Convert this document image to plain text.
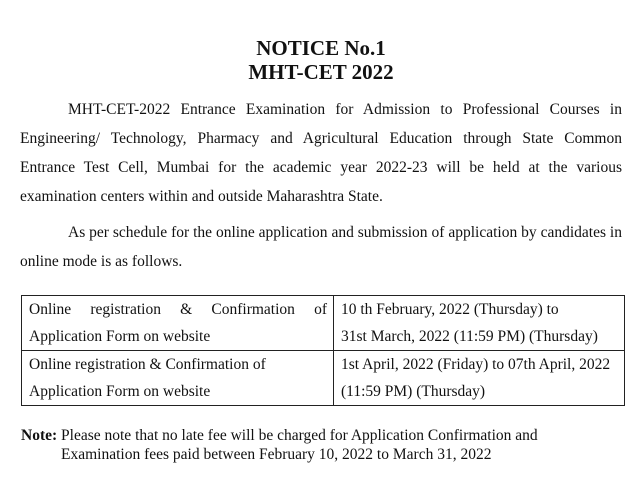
NOTICE No.1
MHT-CET 2022
MHT-CET-2022 Entrance Examination for Admission to Professional Courses in Engineering/ Technology, Pharmacy and Agricultural Education through State Common Entrance Test Cell, Mumbai for the academic year 2022-23 will be held at the various examination centers within and outside Maharashtra State.
As per schedule for the online application and submission of application by candidates in online mode is as follows.
Online registration & Confirmation of
Application Form on website	10 th February, 2022 (Thursday) to
31st March, 2022 (11:59 PM) (Thursday)

Online registration & Confirmation of
Application Form on website	1st April, 2022 (Friday) to 07th April, 2022
(11:59 PM) (Thursday)
Note: Please note that no late fee will be charged for Application Confirmation and
Examination fees paid between February 10, 2022 to March 31, 2022
